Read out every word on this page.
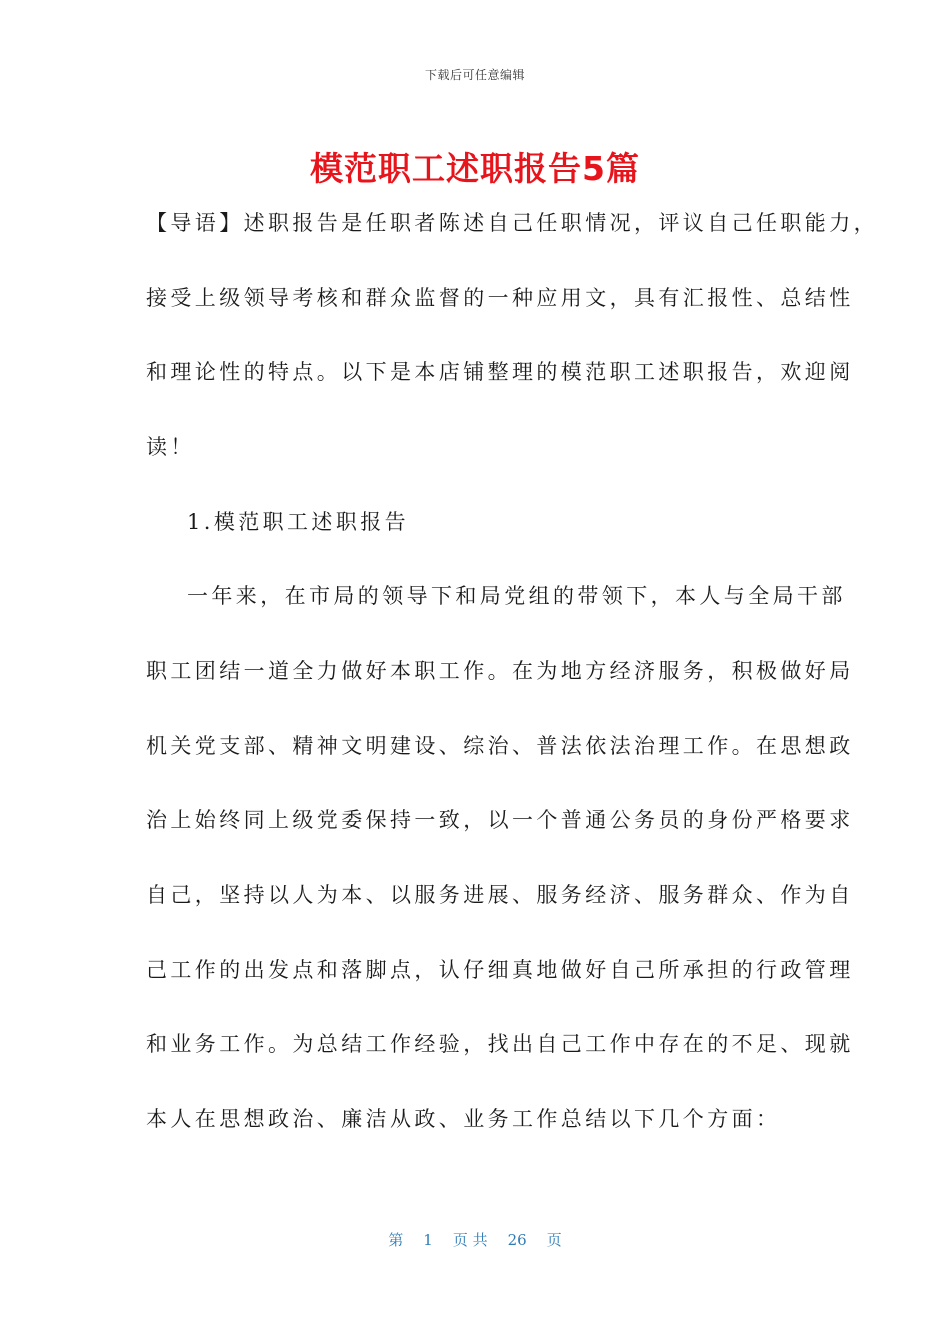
下载后可任意编辑
模范职工述职报告5篇
【导语】述职报告是任职者陈述自己任职情况，评议自己任职能力，
接受上级领导考核和群众监督的一种应用文，具有汇报性、总结性
和理论性的特点。以下是本店铺整理的模范职工述职报告，欢迎阅
读！
1.模范职工述职报告
一年来，在市局的领导下和局党组的带领下，本人与全局干部
职工团结一道全力做好本职工作。在为地方经济服务，积极做好局
机关党支部、精神文明建设、综治、普法依法治理工作。在思想政
治上始终同上级党委保持一致，以一个普通公务员的身份严格要求
自己，坚持以人为本、以服务进展、服务经济、服务群众、作为自
己工作的出发点和落脚点，认仔细真地做好自己所承担的行政管理
和业务工作。为总结工作经验，找出自己工作中存在的不足、现就
本人在思想政治、廉洁从政、业务工作总结以下几个方面：
第 1 页 共 26 页
